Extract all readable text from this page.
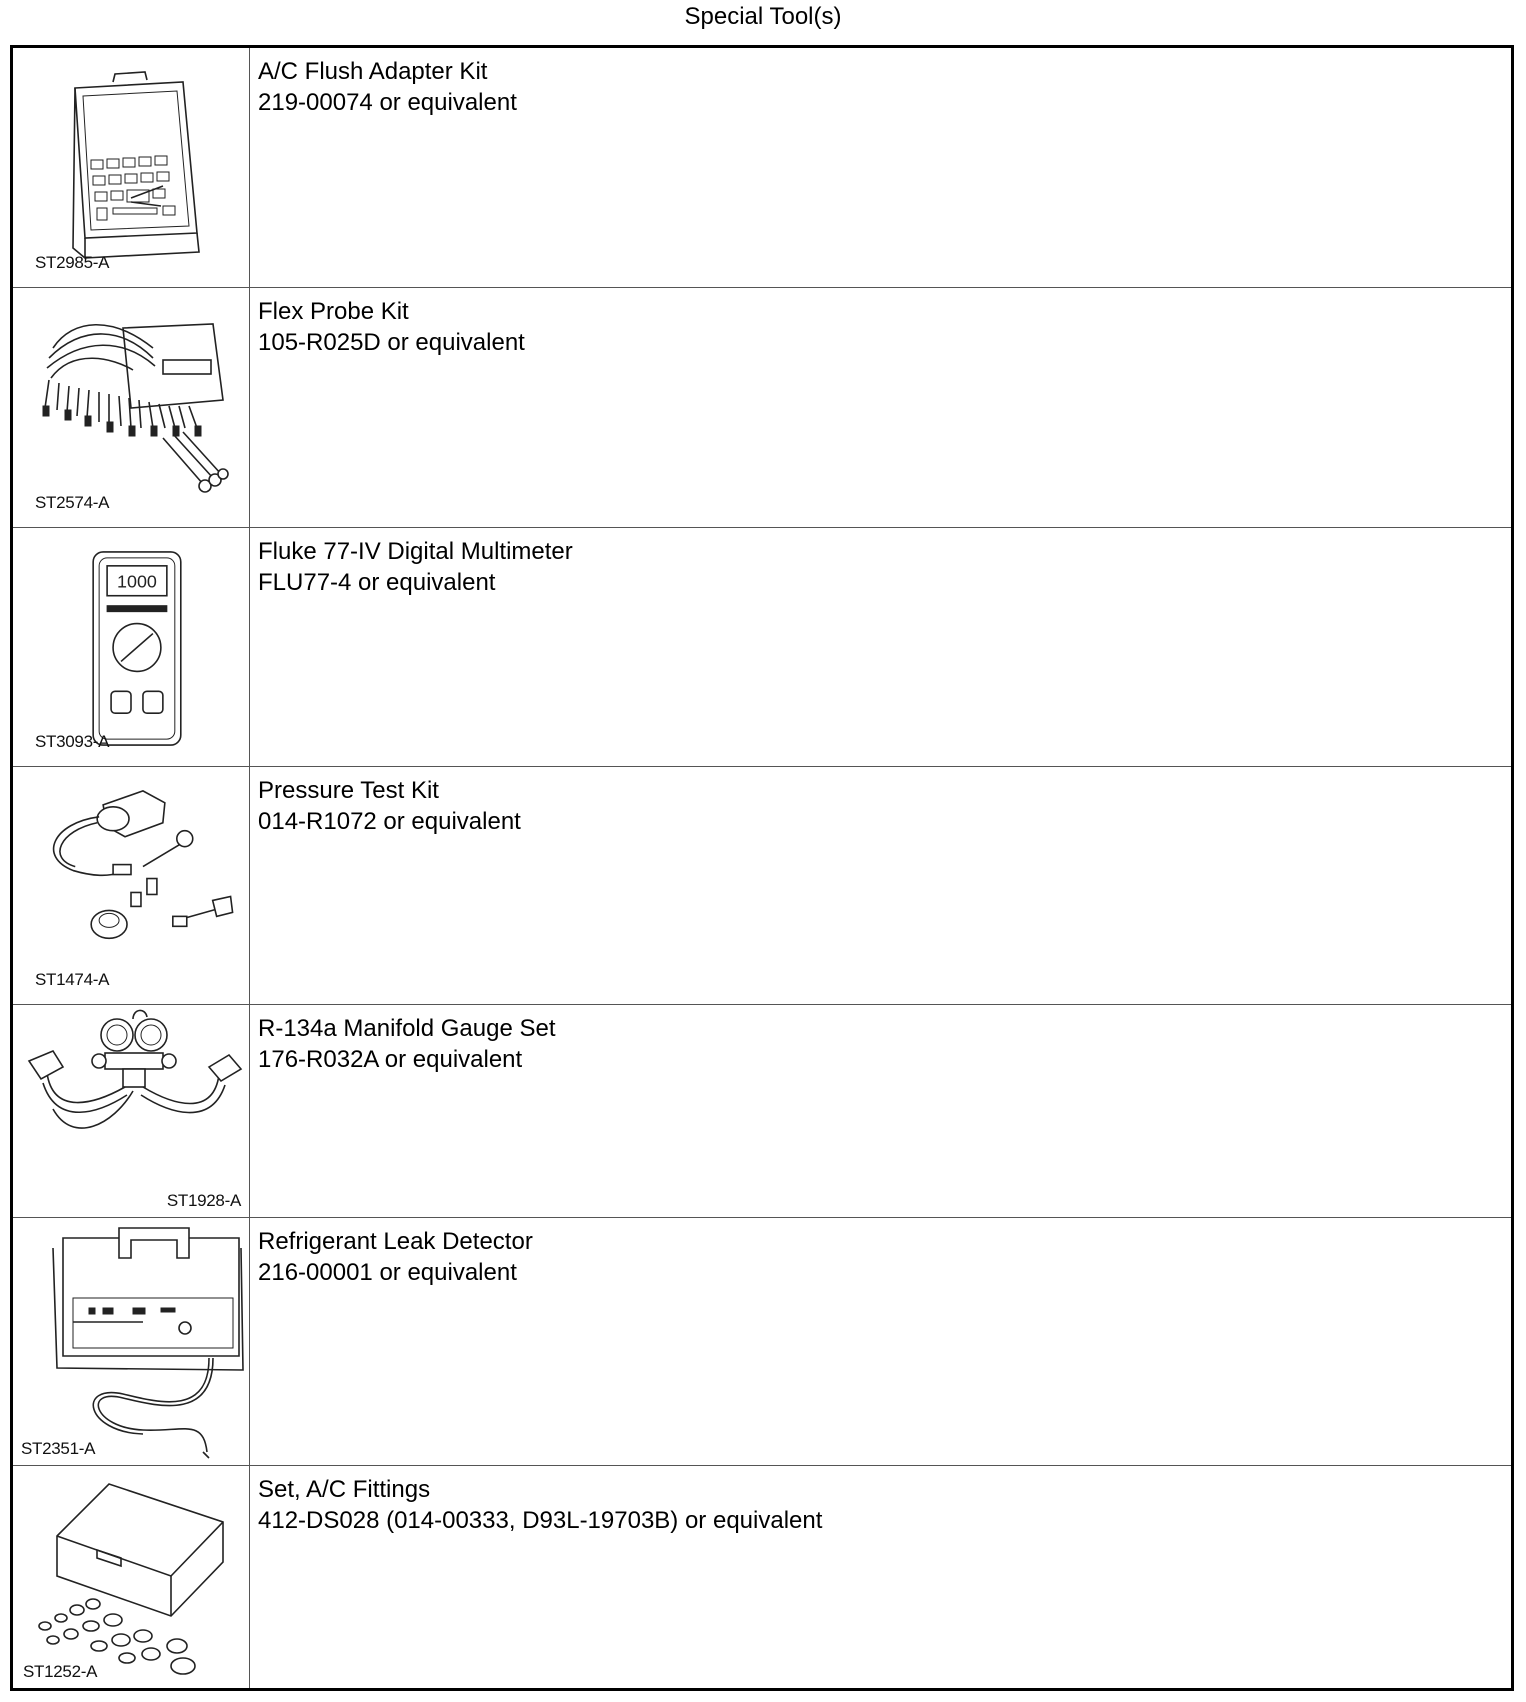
Special Tool(s)
ST2985-A
A/C Flush Adapter Kit
219-00074 or equivalent
ST2574-A
Flex Probe Kit
105-R025D or equivalent
1000
ST3093-A
Fluke 77-IV Digital Multimeter
FLU77-4 or equivalent
ST1474-A
Pressure Test Kit
014-R1072 or equivalent
ST1928-A
R-134a Manifold Gauge Set
176-R032A or equivalent
ST2351-A
Refrigerant Leak Detector
216-00001 or equivalent
ST1252-A
Set, A/C Fittings
412-DS028 (014-00333, D93L-19703B) or equivalent
